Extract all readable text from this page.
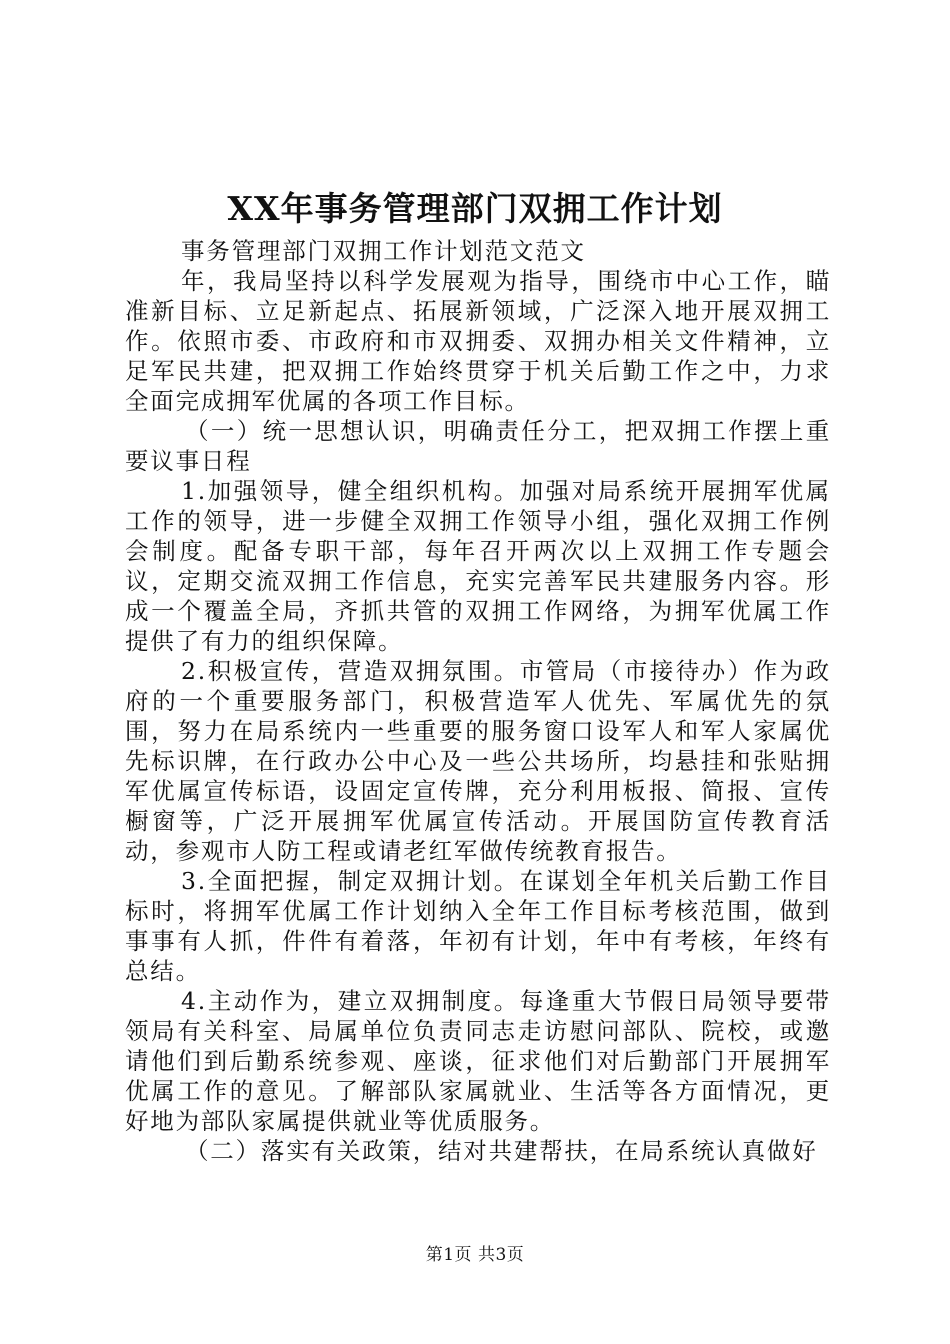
XX年事务管理部门双拥工作计划

事务管理部门双拥工作计划范文范文

年，我局坚持以科学发展观为指导，围绕市中心工作，瞄准新目标、立足新起点、拓展新领域，广泛深入地开展双拥工作。依照市委、市政府和市双拥委、双拥办相关文件精神，立足军民共建，把双拥工作始终贯穿于机关后勤工作之中，力求全面完成拥军优属的各项工作目标。

（一）统一思想认识，明确责任分工，把双拥工作摆上重要议事日程

1.加强领导，健全组织机构。加强对局系统开展拥军优属工作的领导，进一步健全双拥工作领导小组，强化双拥工作例会制度。配备专职干部，每年召开两次以上双拥工作专题会议，定期交流双拥工作信息，充实完善军民共建服务内容。形成一个覆盖全局，齐抓共管的双拥工作网络，为拥军优属工作提供了有力的组织保障。

2.积极宣传，营造双拥氛围。市管局（市接待办）作为政府的一个重要服务部门，积极营造军人优先、军属优先的氛围，努力在局系统内一些重要的服务窗口设军人和军人家属优先标识牌，在行政办公中心及一些公共场所，均悬挂和张贴拥军优属宣传标语，设固定宣传牌，充分利用板报、简报、宣传橱窗等，广泛开展拥军优属宣传活动。开展国防宣传教育活动，参观市人防工程或请老红军做传统教育报告。

3.全面把握，制定双拥计划。在谋划全年机关后勤工作目标时，将拥军优属工作计划纳入全年工作目标考核范围，做到事事有人抓，件件有着落，年初有计划，年中有考核，年终有总结。

4.主动作为，建立双拥制度。每逢重大节假日局领导要带领局有关科室、局属单位负责同志走访慰问部队、院校，或邀请他们到后勤系统参观、座谈，征求他们对后勤部门开展拥军优属工作的意见。了解部队家属就业、生活等各方面情况，更好地为部队家属提供就业等优质服务。

（二）落实有关政策，结对共建帮扶，在局系统认真做好

第1页 共3页
